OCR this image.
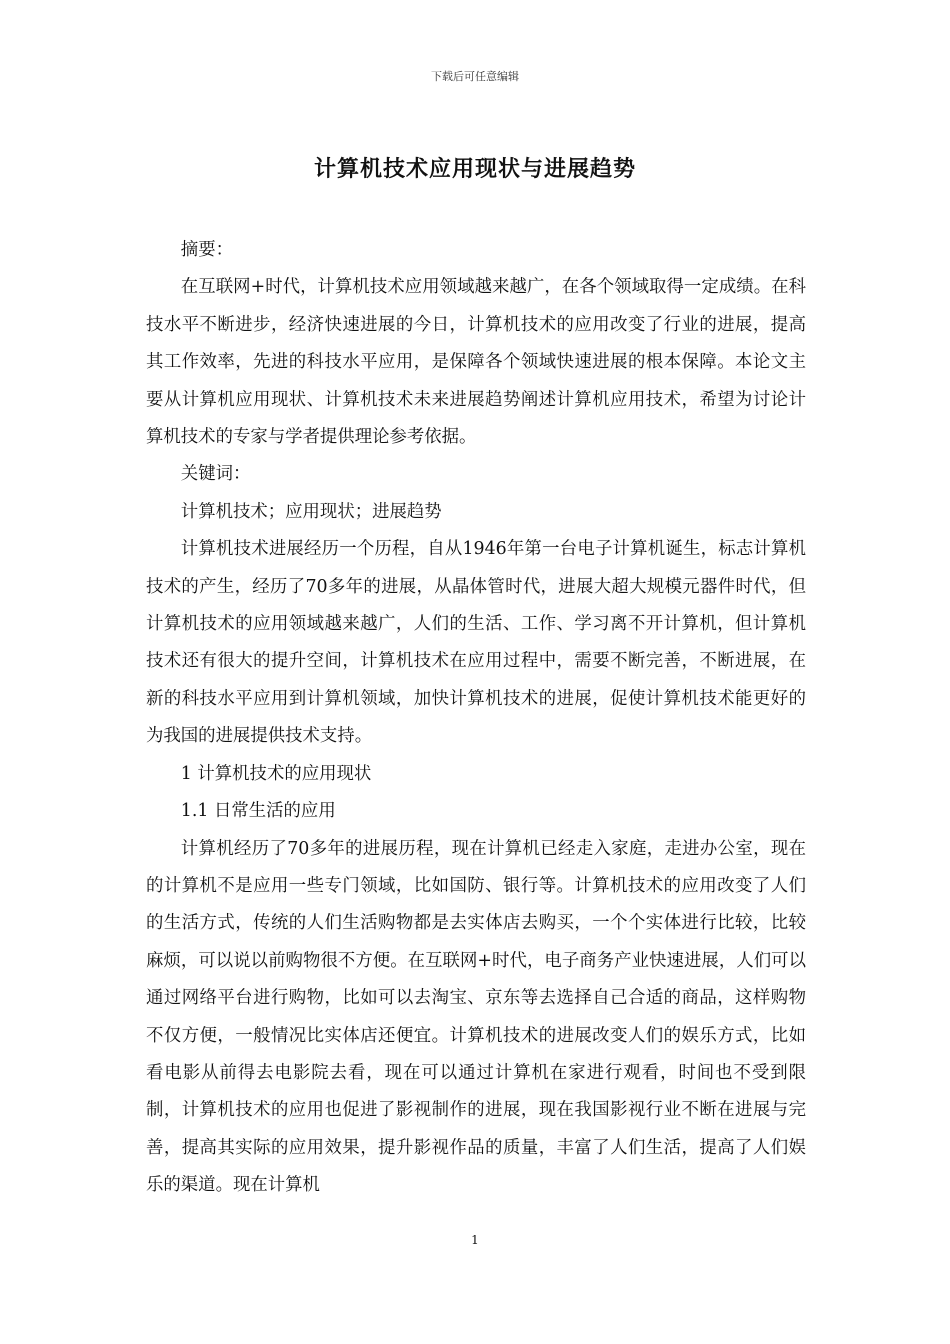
下载后可任意编辑
计算机技术应用现状与进展趋势

摘要：

在互联网+时代，计算机技术应用领域越来越广，在各个领域取得一定成绩。在科技水平不断进步，经济快速进展的今日，计算机技术的应用改变了行业的进展，提高其工作效率，先进的科技水平应用，是保障各个领域快速进展的根本保障。本论文主要从计算机应用现状、计算机技术未来进展趋势阐述计算机应用技术，希望为讨论计算机技术的专家与学者提供理论参考依据。

关键词：

计算机技术；应用现状；进展趋势

计算机技术进展经历一个历程，自从1946年第一台电子计算机诞生，标志计算机技术的产生，经历了70多年的进展，从晶体管时代，进展大超大规模元器件时代，但计算机技术的应用领域越来越广，人们的生活、工作、学习离不开计算机，但计算机技术还有很大的提升空间，计算机技术在应用过程中，需要不断完善，不断进展，在新的科技水平应用到计算机领域，加快计算机技术的进展，促使计算机技术能更好的为我国的进展提供技术支持。

1 计算机技术的应用现状

1.1 日常生活的应用

计算机经历了70多年的进展历程，现在计算机已经走入家庭，走进办公室，现在的计算机不是应用一些专门领域，比如国防、银行等。计算机技术的应用改变了人们的生活方式，传统的人们生活购物都是去实体店去购买，一个个实体进行比较，比较麻烦，可以说以前购物很不方便。在互联网+时代，电子商务产业快速进展，人们可以通过网络平台进行购物，比如可以去淘宝、京东等去选择自己合适的商品，这样购物不仅方便，一般情况比实体店还便宜。计算机技术的进展改变人们的娱乐方式，比如看电影从前得去电影院去看，现在可以通过计算机在家进行观看，时间也不受到限制，计算机技术的应用也促进了影视制作的进展，现在我国影视行业不断在进展与完善，提高其实际的应用效果，提升影视作品的质量，丰富了人们生活，提高了人们娱乐的渠道。现在计算机

1
